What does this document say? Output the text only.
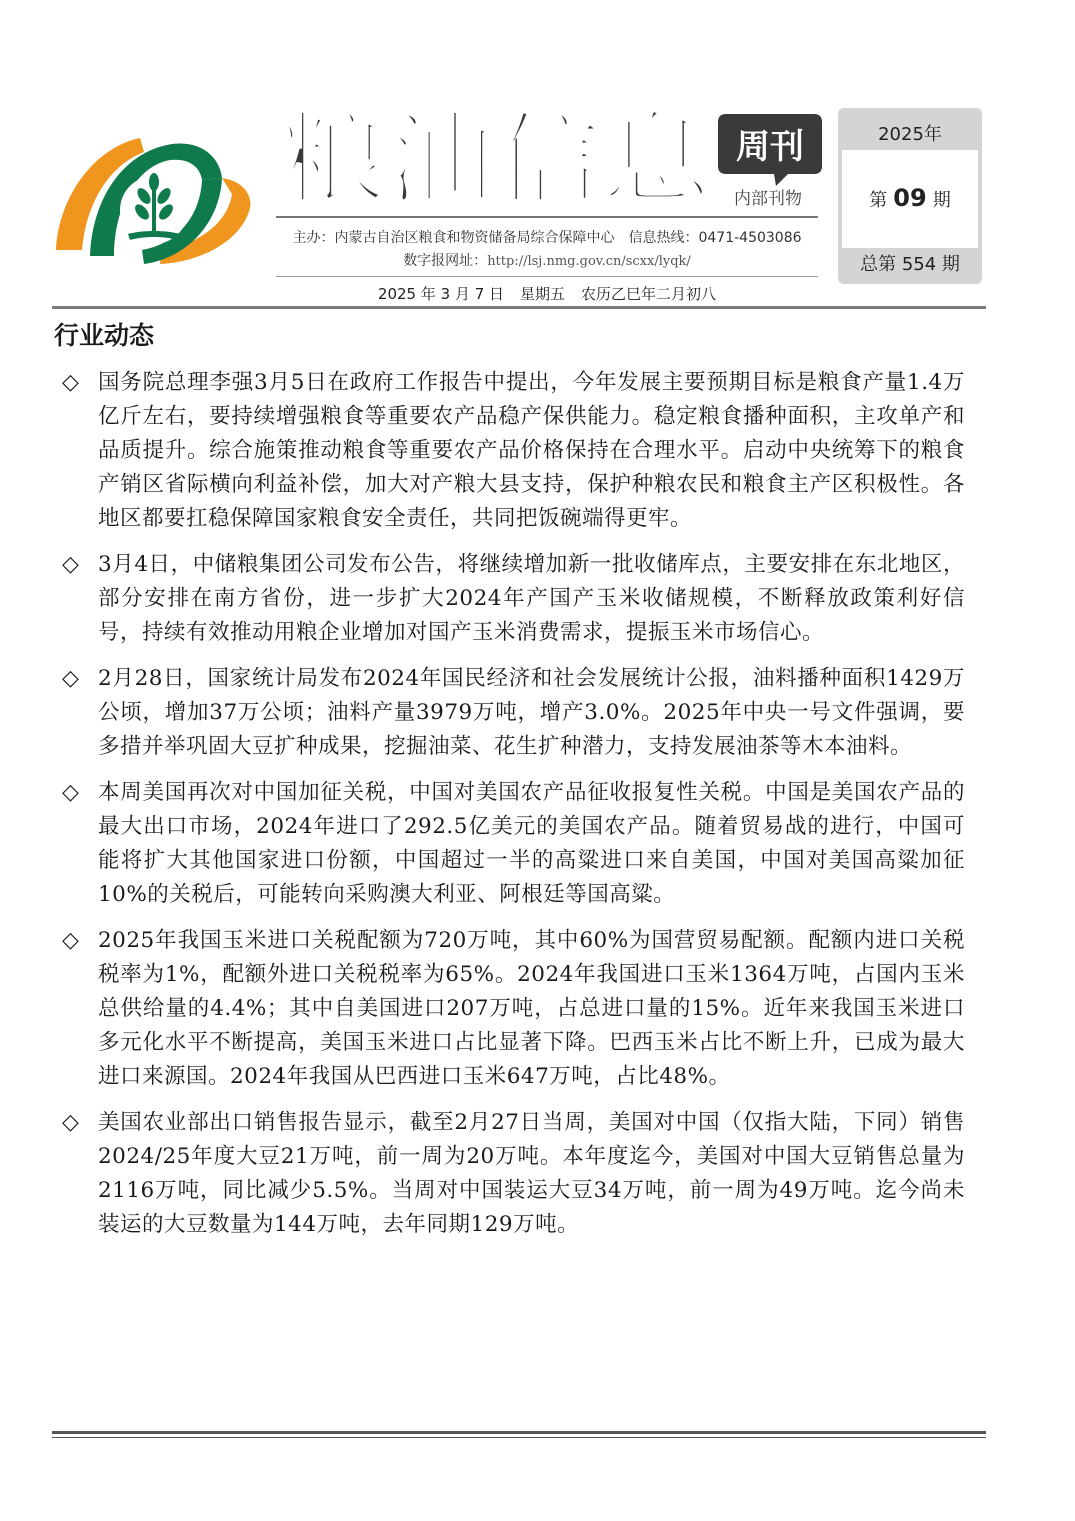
粮油信息 周刊
内部刊物
主办：内蒙古自治区粮食和物资储备局综合保障中心 信息热线：0471-4503086
数字报网址：http://lsj.nmg.gov.cn/scxx/lyqk/
2025年
第 09 期
总第 554 期
2025 年 3 月 7 日 星期五 农历乙巳年二月初八
行业动态
◇ 国务院总理李强3月5日在政府工作报告中提出，今年发展主要预期目标是粮食产量1.4万亿斤左右，要持续增强粮食等重要农产品稳产保供能力。稳定粮食播种面积，主攻单产和品质提升。综合施策推动粮食等重要农产品价格保持在合理水平。启动中央统筹下的粮食产销区省际横向利益补偿，加大对产粮大县支持，保护种粮农民和粮食主产区积极性。各地区都要扛稳保障国家粮食安全责任，共同把饭碗端得更牢。
◇ 3月4日，中储粮集团公司发布公告，将继续增加新一批收储库点，主要安排在东北地区，部分安排在南方省份，进一步扩大2024年产国产玉米收储规模，不断释放政策利好信号，持续有效推动用粮企业增加对国产玉米消费需求，提振玉米市场信心。
◇ 2月28日，国家统计局发布2024年国民经济和社会发展统计公报，油料播种面积1429万公顷，增加37万公顷；油料产量3979万吨，增产3.0%。2025年中央一号文件强调，要多措并举巩固大豆扩种成果，挖掘油菜、花生扩种潜力，支持发展油茶等木本油料。
◇ 本周美国再次对中国加征关税，中国对美国农产品征收报复性关税。中国是美国农产品的最大出口市场，2024年进口了292.5亿美元的美国农产品。随着贸易战的进行，中国可能将扩大其他国家进口份额，中国超过一半的高粱进口来自美国，中国对美国高粱加征10%的关税后，可能转向采购澳大利亚、阿根廷等国高粱。
◇ 2025年我国玉米进口关税配额为720万吨，其中60%为国营贸易配额。配额内进口关税税率为1%，配额外进口关税税率为65%。2024年我国进口玉米1364万吨，占国内玉米总供给量的4.4%；其中自美国进口207万吨，占总进口量的15%。近年来我国玉米进口多元化水平不断提高，美国玉米进口占比显著下降。巴西玉米占比不断上升，已成为最大进口来源国。2024年我国从巴西进口玉米647万吨，占比48%。
◇ 美国农业部出口销售报告显示，截至2月27日当周，美国对中国（仅指大陆，下同）销售2024/25年度大豆21万吨，前一周为20万吨。本年度迄今，美国对中国大豆销售总量为2116万吨，同比减少5.5%。当周对中国装运大豆34万吨，前一周为49万吨。迄今尚未装运的大豆数量为144万吨，去年同期129万吨。
